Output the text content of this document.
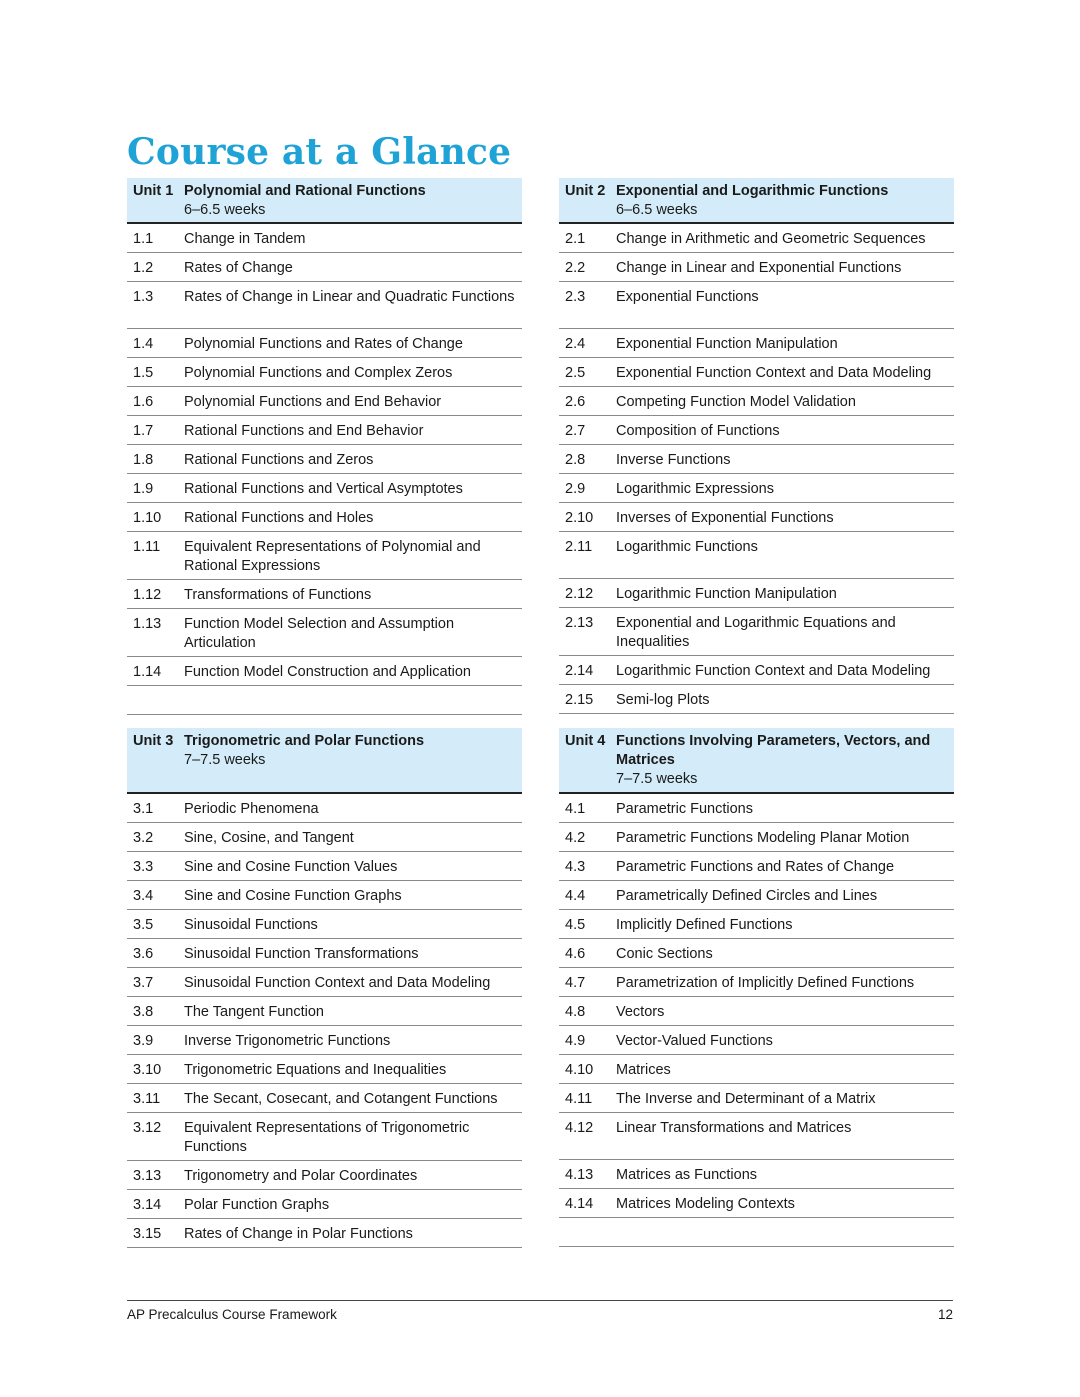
Course at a Glance
Unit 1 Polynomial and Rational Functions
6–6.5 weeks
1.1	Change in Tandem
1.2	Rates of Change
1.3	Rates of Change in Linear and Quadratic Functions
1.4	Polynomial Functions and Rates of Change
1.5	Polynomial Functions and Complex Zeros
1.6	Polynomial Functions and End Behavior
1.7	Rational Functions and End Behavior
1.8	Rational Functions and Zeros
1.9	Rational Functions and Vertical Asymptotes
1.10	Rational Functions and Holes
1.11	Equivalent Representations of Polynomial and Rational Expressions
1.12	Transformations of Functions
1.13	Function Model Selection and Assumption Articulation
1.14	Function Model Construction and Application
Unit 2 Exponential and Logarithmic Functions
6–6.5 weeks
2.1	Change in Arithmetic and Geometric Sequences
2.2	Change in Linear and Exponential Functions
2.3	Exponential Functions
2.4	Exponential Function Manipulation
2.5	Exponential Function Context and Data Modeling
2.6	Competing Function Model Validation
2.7	Composition of Functions
2.8	Inverse Functions
2.9	Logarithmic Expressions
2.10	Inverses of Exponential Functions
2.11	Logarithmic Functions
2.12	Logarithmic Function Manipulation
2.13	Exponential and Logarithmic Equations and Inequalities
2.14	Logarithmic Function Context and Data Modeling
2.15	Semi-log Plots
Unit 3 Trigonometric and Polar Functions
7–7.5 weeks
3.1	Periodic Phenomena
3.2	Sine, Cosine, and Tangent
3.3	Sine and Cosine Function Values
3.4	Sine and Cosine Function Graphs
3.5	Sinusoidal Functions
3.6	Sinusoidal Function Transformations
3.7	Sinusoidal Function Context and Data Modeling
3.8	The Tangent Function
3.9	Inverse Trigonometric Functions
3.10	Trigonometric Equations and Inequalities
3.11	The Secant, Cosecant, and Cotangent Functions
3.12	Equivalent Representations of Trigonometric Functions
3.13	Trigonometry and Polar Coordinates
3.14	Polar Function Graphs
3.15	Rates of Change in Polar Functions
Unit 4 Functions Involving Parameters, Vectors, and Matrices
7–7.5 weeks
4.1	Parametric Functions
4.2	Parametric Functions Modeling Planar Motion
4.3	Parametric Functions and Rates of Change
4.4	Parametrically Defined Circles and Lines
4.5	Implicitly Defined Functions
4.6	Conic Sections
4.7	Parametrization of Implicitly Defined Functions
4.8	Vectors
4.9	Vector-Valued Functions
4.10	Matrices
4.11	The Inverse and Determinant of a Matrix
4.12	Linear Transformations and Matrices
4.13	Matrices as Functions
4.14	Matrices Modeling Contexts
AP Precalculus Course Framework	12
